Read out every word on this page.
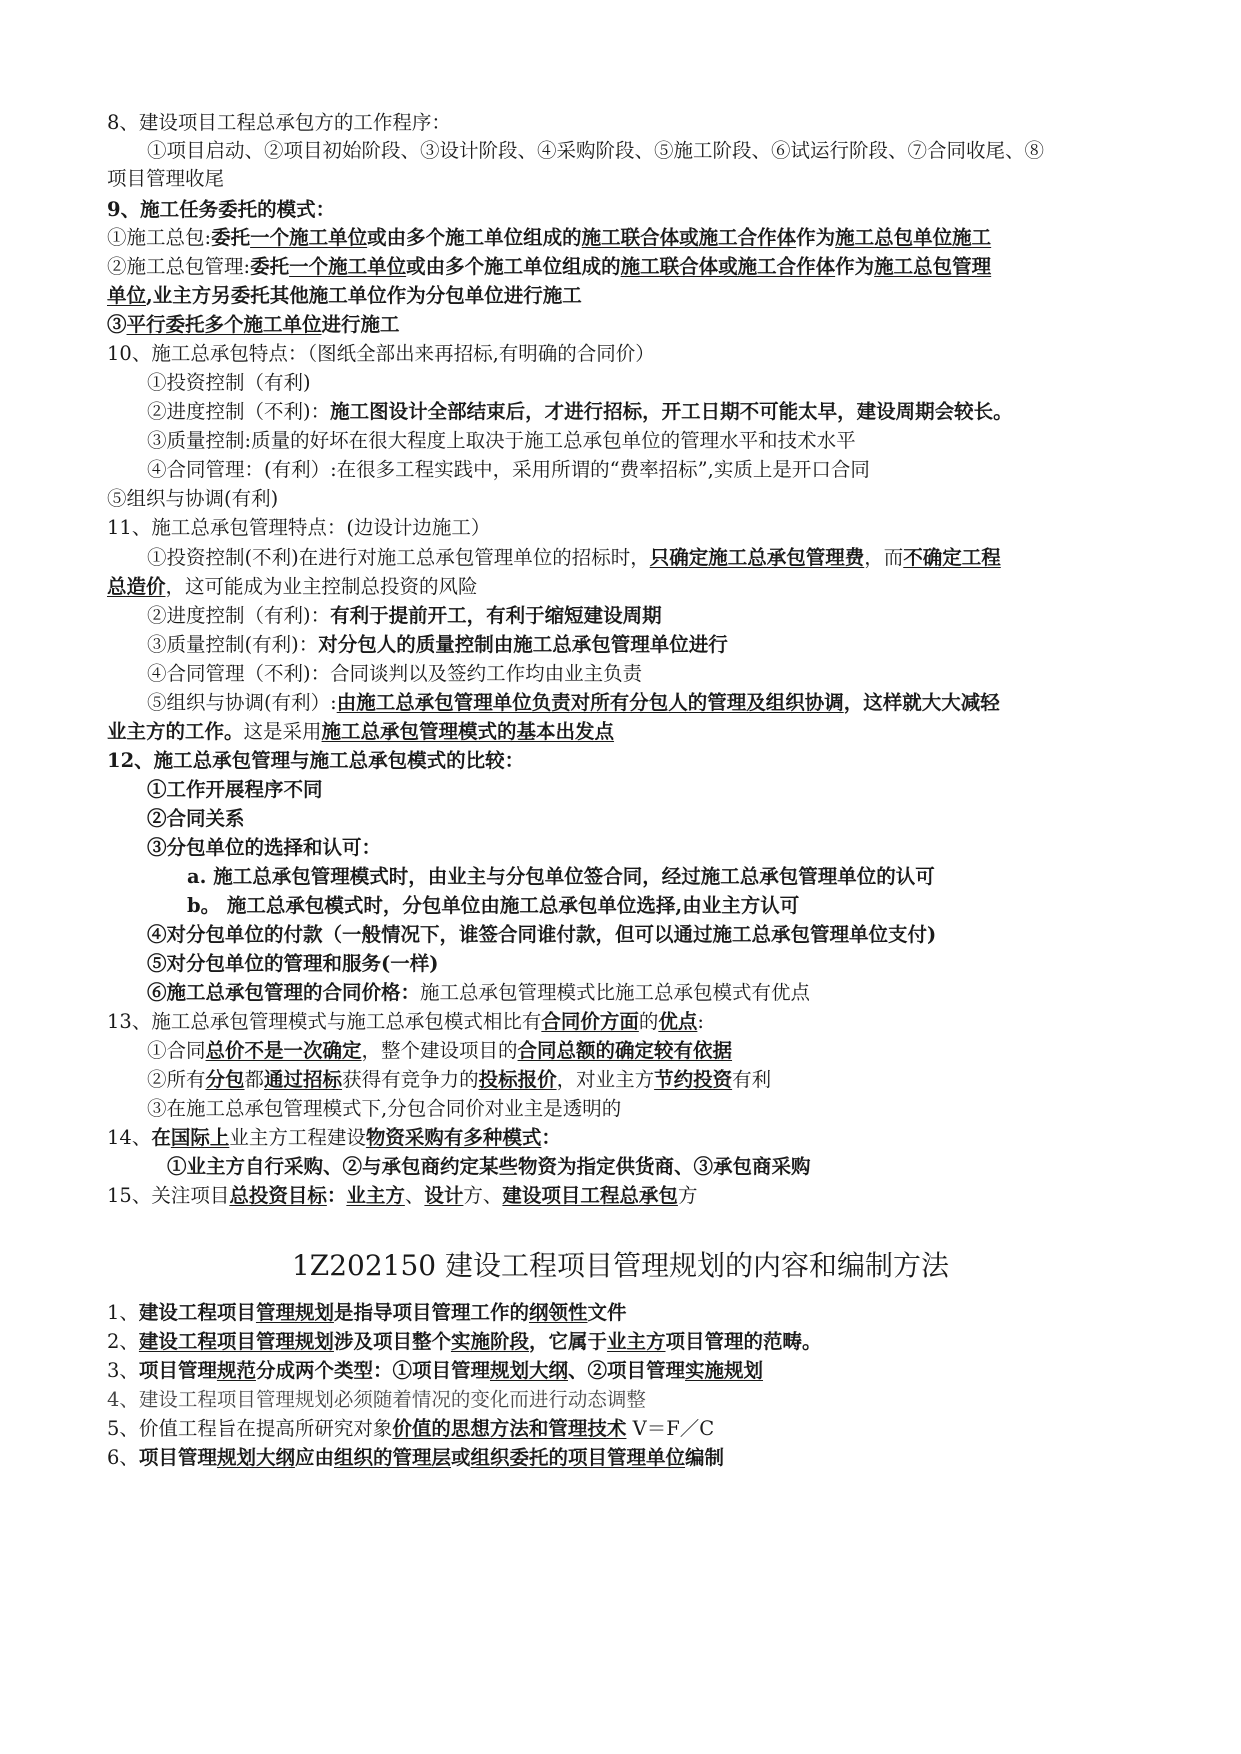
8、建设项目工程总承包方的工作程序：
①项目启动、②项目初始阶段、③设计阶段、④采购阶段、⑤施工阶段、⑥试运行阶段、⑦合同收尾、⑧
项目管理收尾
9、施工任务委托的模式：
①施工总包:委托一个施工单位或由多个施工单位组成的施工联合体或施工合作体作为施工总包单位施工
②施工总包管理:委托一个施工单位或由多个施工单位组成的施工联合体或施工合作体作为施工总包管理
单位,业主方另委托其他施工单位作为分包单位进行施工
③平行委托多个施工单位进行施工
10、施工总承包特点：（图纸全部出来再招标,有明确的合同价）
①投资控制（有利)
②进度控制（不利)：施工图设计全部结束后，才进行招标，开工日期不可能太早，建设周期会较长。
③质量控制:质量的好坏在很大程度上取决于施工总承包单位的管理水平和技术水平
④合同管理：(有利）:在很多工程实践中，采用所谓的“费率招标”,实质上是开口合同
⑤组织与协调(有利)
11、施工总承包管理特点：(边设计边施工）
①投资控制(不利)在进行对施工总承包管理单位的招标时，只确定施工总承包管理费，而不确定工程
总造价，这可能成为业主控制总投资的风险
②进度控制（有利)：有利于提前开工，有利于缩短建设周期
③质量控制(有利)：对分包人的质量控制由施工总承包管理单位进行
④合同管理（不利)：合同谈判以及签约工作均由业主负责
⑤组织与协调(有利）:由施工总承包管理单位负责对所有分包人的管理及组织协调，这样就大大减轻
业主方的工作。这是采用施工总承包管理模式的基本出发点
12、施工总承包管理与施工总承包模式的比较：
①工作开展程序不同
②合同关系
③分包单位的选择和认可：
a. 施工总承包管理模式时，由业主与分包单位签合同，经过施工总承包管理单位的认可
b。 施工总承包模式时，分包单位由施工总承包单位选择,由业主方认可
④对分包单位的付款（一般情况下，谁签合同谁付款，但可以通过施工总承包管理单位支付)
⑤对分包单位的管理和服务(一样)
⑥施工总承包管理的合同价格：施工总承包管理模式比施工总承包模式有优点
13、施工总承包管理模式与施工总承包模式相比有合同价方面的优点:
①合同总价不是一次确定，整个建设项目的合同总额的确定较有依据
②所有分包都通过招标获得有竞争力的投标报价，对业主方节约投资有利
③在施工总承包管理模式下,分包合同价对业主是透明的
14、在国际上业主方工程建设物资采购有多种模式：
①业主方自行采购、②与承包商约定某些物资为指定供货商、③承包商采购
15、关注项目总投资目标：业主方、设计方、建设项目工程总承包方
1Z202150 建设工程项目管理规划的内容和编制方法
1、建设工程项目管理规划是指导项目管理工作的纲领性文件
2、建设工程项目管理规划涉及项目整个实施阶段，它属于业主方项目管理的范畴。
3、项目管理规范分成两个类型：①项目管理规划大纲、②项目管理实施规划
4、建设工程项目管理规划必须随着情况的变化而进行动态调整
5、价值工程旨在提高所研究对象价值的思想方法和管理技术 V＝F／C
6、项目管理规划大纲应由组织的管理层或组织委托的项目管理单位编制
